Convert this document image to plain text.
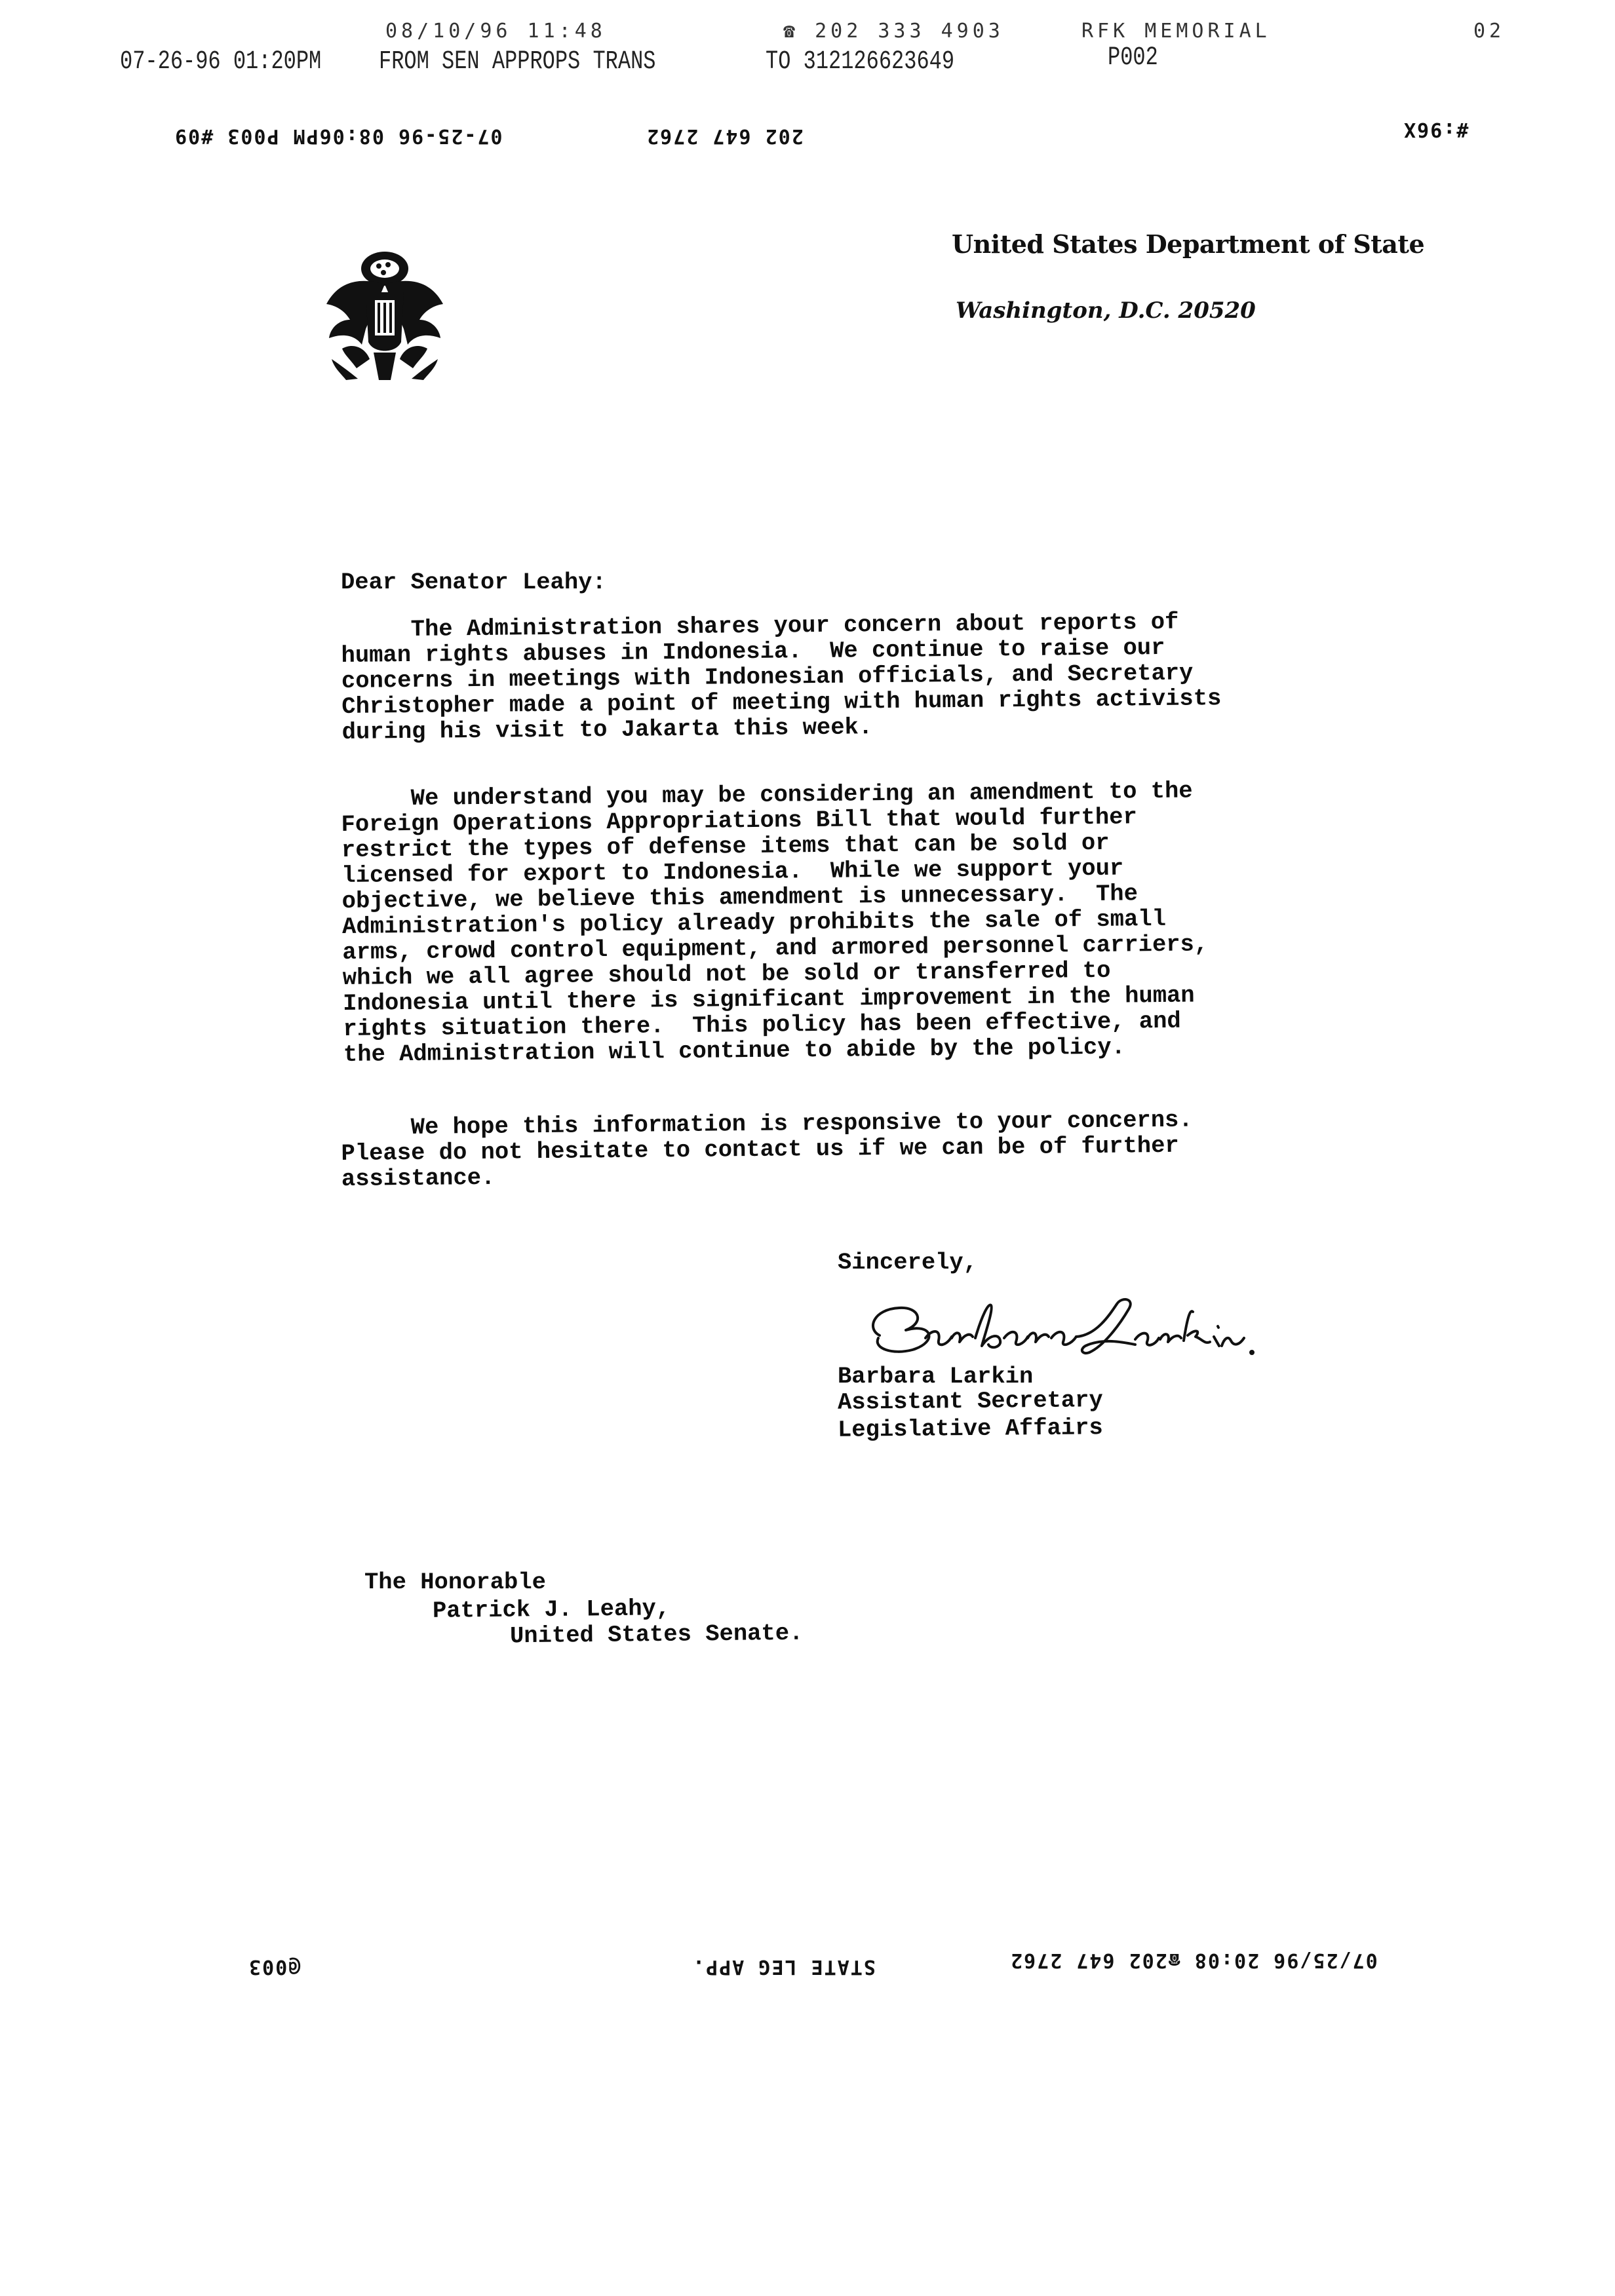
08/10/96 11:48	☎ 202 333 4903	RFK MEMORIAL	02
07-26-96 01:20PM FROM SEN APPROPS TRANS	TO 312126623649	P002
07-25-96 08:06PM P003 #09	202 647 2762	#:96X
United States Department of State
Washington, D.C. 20520
Dear Senator Leahy:

The Administration shares your concern about reports of

human rights abuses in Indonesia.  We continue to raise our

concerns in meetings with Indonesian officials, and Secretary

Christopher made a point of meeting with human rights activists

during his visit to Jakarta this week.

We understand you may be considering an amendment to the

Foreign Operations Appropriations Bill that would further

restrict the types of defense items that can be sold or

licensed for export to Indonesia.  While we support your

objective, we believe this amendment is unnecessary.  The

Administration's policy already prohibits the sale of small

arms, crowd control equipment, and armored personnel carriers,

which we all agree should not be sold or transferred to

Indonesia until there is significant improvement in the human

rights situation there.  This policy has been effective, and

the Administration will continue to abide by the policy.

We hope this information is responsive to your concerns.

Please do not hesitate to contact us if we can be of further

assistance.

Sincerely,
Barbara Larkin
Assistant Secretary
Legislative Affairs
The Honorable
Patrick J. Leahy,
United States Senate.
@003	STATE LEG APP.	07/25/96 20:08 ☎202 647 2762
